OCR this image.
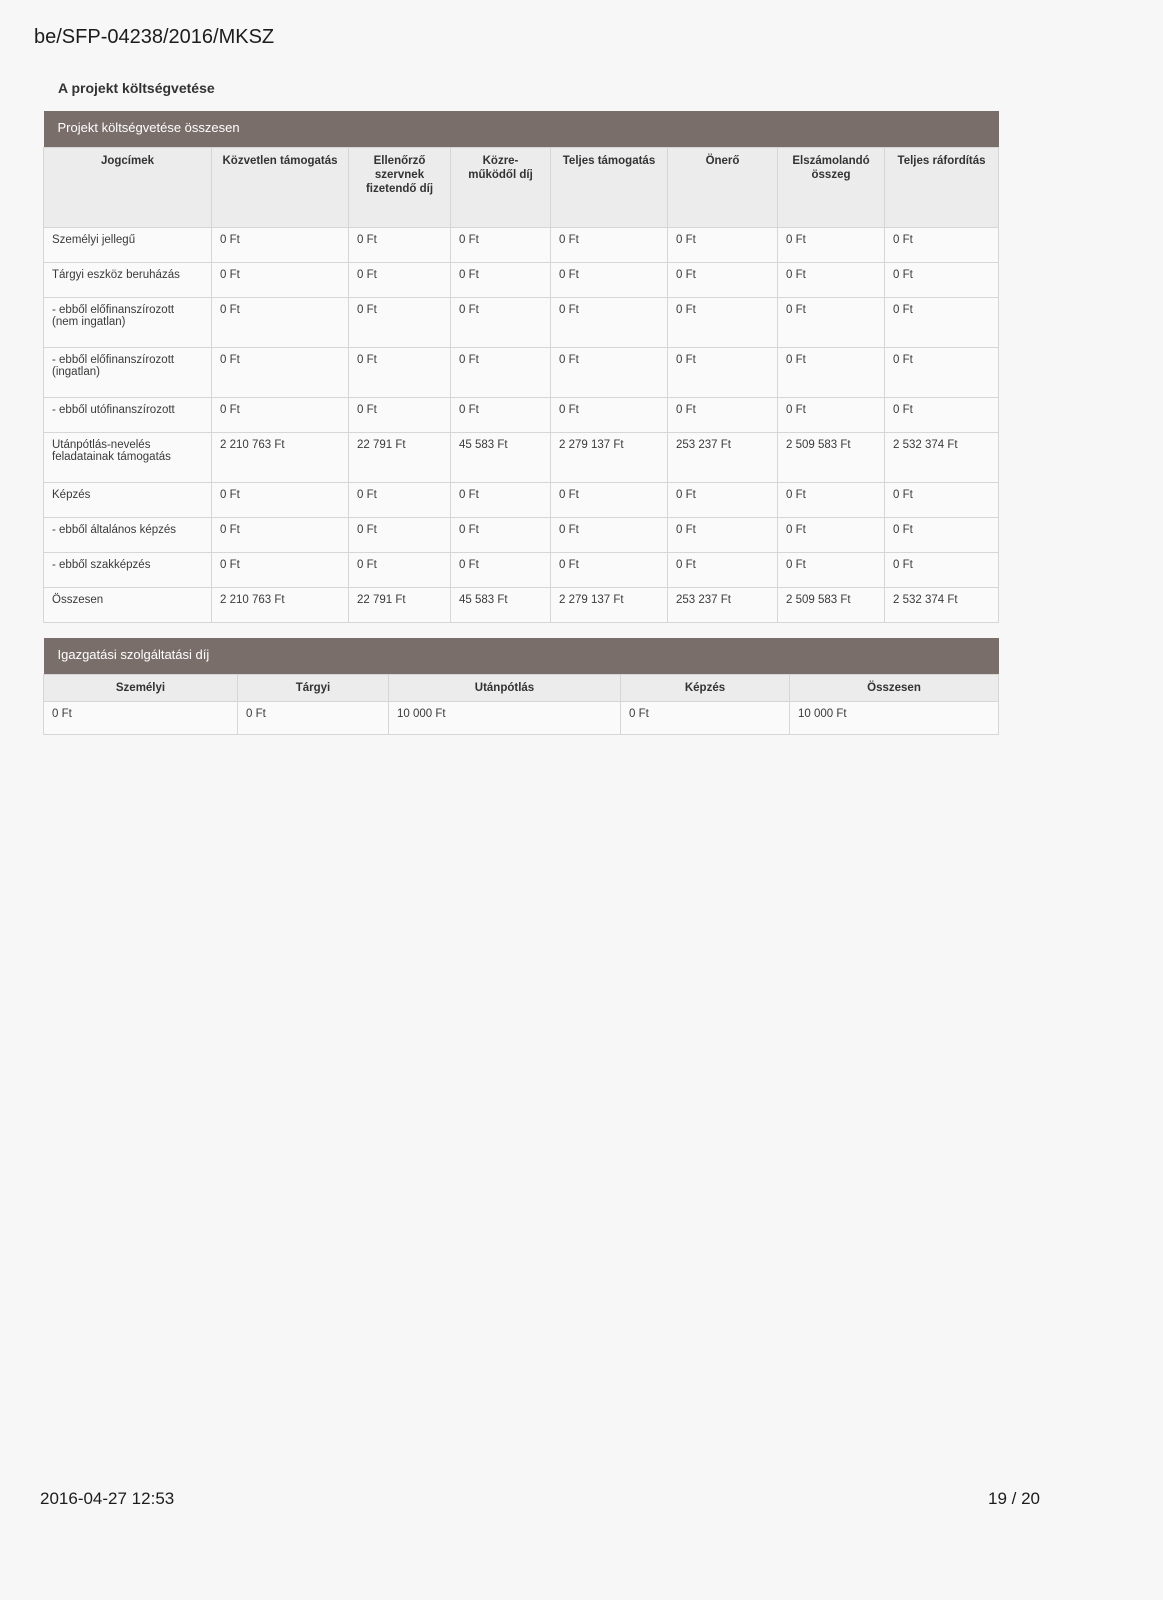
be/SFP-04238/2016/MKSZ
A projekt költségvetése
Projekt költségvetése összesen							
Jogcímek	Közvetlen támogatás	Ellenőrző szervnek fizetendő díj	Közre-működől díj	Teljes támogatás	Önerő	Elszámolandó összeg	Teljes ráfordítás
Személyi jellegű	0 Ft	0 Ft	0 Ft	0 Ft	0 Ft	0 Ft	0 Ft
Tárgyi eszköz beruházás	0 Ft	0 Ft	0 Ft	0 Ft	0 Ft	0 Ft	0 Ft
- ebből előfinanszírozott (nem ingatlan)	0 Ft	0 Ft	0 Ft	0 Ft	0 Ft	0 Ft	0 Ft
- ebből előfinanszírozott (ingatlan)	0 Ft	0 Ft	0 Ft	0 Ft	0 Ft	0 Ft	0 Ft
- ebből utófinanszírozott	0 Ft	0 Ft	0 Ft	0 Ft	0 Ft	0 Ft	0 Ft
Utánpótlás-nevelés feladatainak támogatás	2 210 763 Ft	22 791 Ft	45 583 Ft	2 279 137 Ft	253 237 Ft	2 509 583 Ft	2 532 374 Ft
Képzés	0 Ft	0 Ft	0 Ft	0 Ft	0 Ft	0 Ft	0 Ft
- ebből általános képzés	0 Ft	0 Ft	0 Ft	0 Ft	0 Ft	0 Ft	0 Ft
- ebből szakképzés	0 Ft	0 Ft	0 Ft	0 Ft	0 Ft	0 Ft	0 Ft
Összesen	2 210 763 Ft	22 791 Ft	45 583 Ft	2 279 137 Ft	253 237 Ft	2 509 583 Ft	2 532 374 Ft
Igazgatási szolgáltatási díj				
Személyi	Tárgyi	Utánpótlás	Képzés	Összesen
0 Ft	0 Ft	10 000 Ft	0 Ft	10 000 Ft
2016-04-27 12:53	19 / 20
